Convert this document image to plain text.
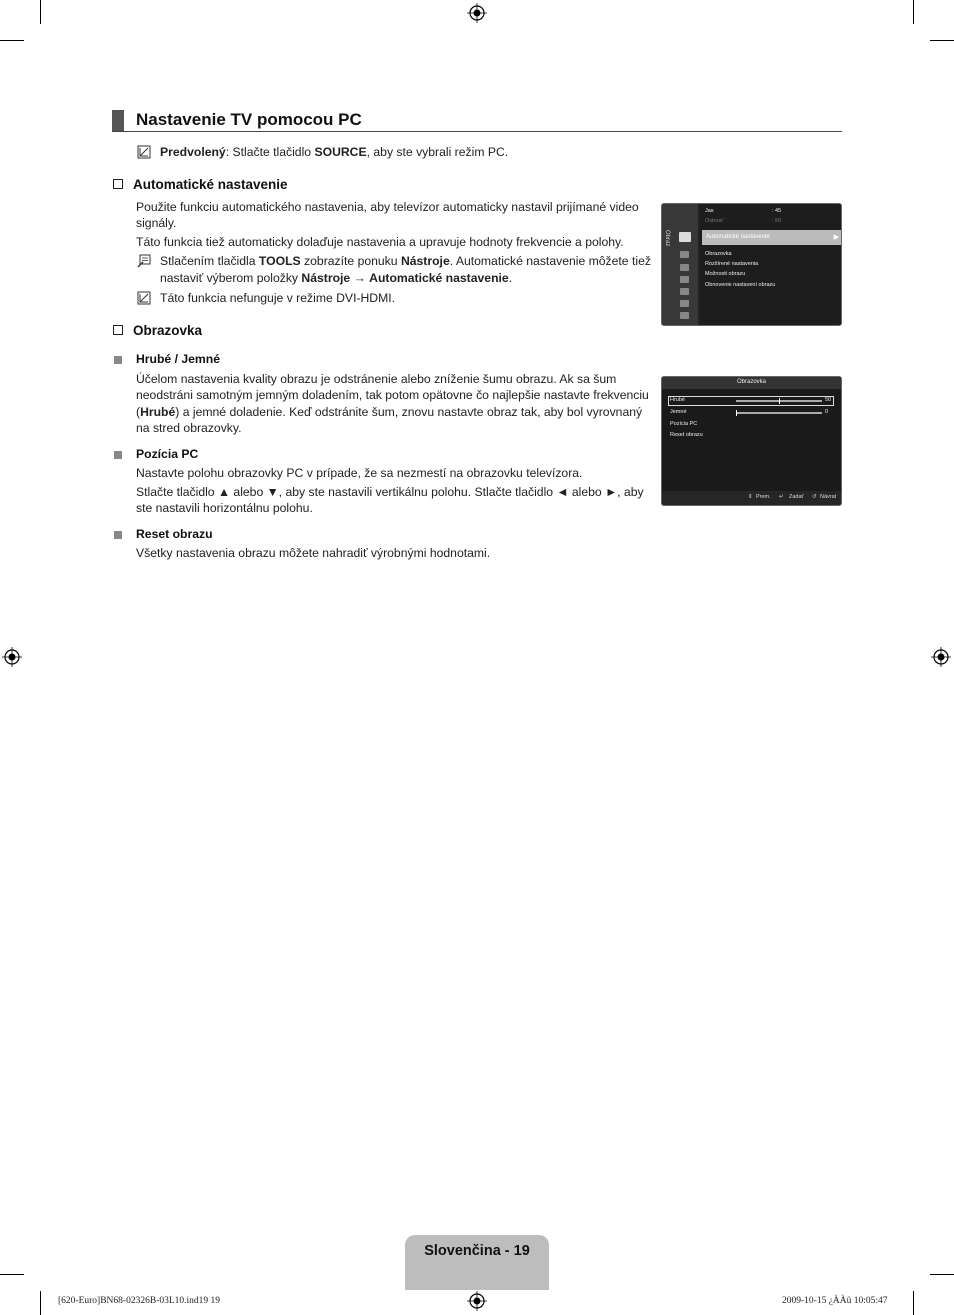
Nastavenie TV pomocou PC
Predvolený: Stlačte tlačidlo SOURCE, aby ste vybrali režim PC.
Automatické nastavenie
Použite funkciu automatického nastavenia, aby televízor automaticky nastavil prijímané video
signály.
Táto funkcia tiež automaticky dolaďuje nastavenia a upravuje hodnoty frekvencie a polohy.
Stlačením tlačidla TOOLS zobrazíte ponuku Nástroje. Automatické nastavenie môžete tiež
nastaviť výberom položky Nástroje → Automatické nastavenie.
Táto funkcia nefunguje v režime DVI-HDMI.
Obraz
Jas	: 45
Ostrosť	: 50
Automatické nastavenie	▶
Obrazovka
Rozšírené nastavenia
Možnosti obrazu
Obnovenie nastavení obrazu
Obrazovka
Hrubé / Jemné
Účelom nastavenia kvality obrazu je odstránenie alebo zníženie šumu obrazu. Ak sa šum
neodstráni samotným jemným doladením, tak potom opätovne čo najlepšie nastavte frekvenciu
(Hrubé) a jemné doladenie. Keď odstránite šum, znovu nastavte obraz tak, aby bol vyrovnaný
na stred obrazovky.
Pozícia PC
Nastavte polohu obrazovky PC v prípade, že sa nezmestí na obrazovku televízora.
Stlačte tlačidlo ▲ alebo ▼, aby ste nastavili vertikálnu polohu. Stlačte tlačidlo ◄ alebo ►, aby
ste nastavili horizontálnu polohu.
Reset obrazu
Všetky nastavenia obrazu môžete nahradiť výrobnými hodnotami.
Obrazovka
Hrubé	50
Jemné	0
Pozícia PC
Reset obrazu
⇕ Prem. ↵ Zadať ↺ Návrat
Slovenčina - 19
[620-Euro]BN68-02326B-03L10.ind19 19	2009-10-15 ¿ÀÀü 10:05:47
